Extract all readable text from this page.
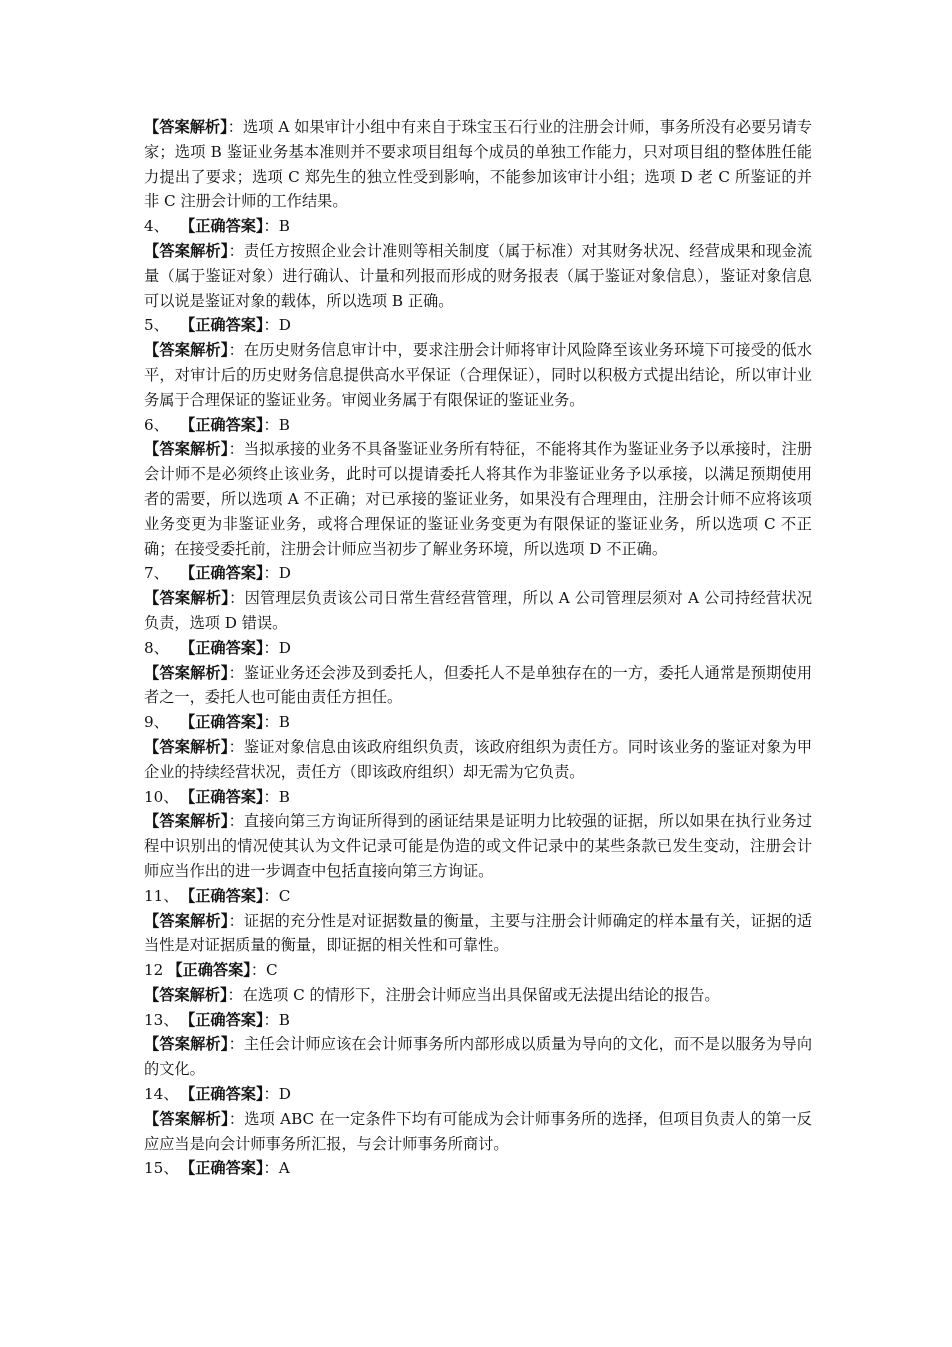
【答案解析】：选项 A 如果审计小组中有来自于珠宝玉石行业的注册会计师，事务所没有必要另请专家；选项 B 鉴证业务基本准则并不要求项目组每个成员的单独工作能力，只对项目组的整体胜任能力提出了要求；选项 C 郑先生的独立性受到影响，不能参加该审计小组；选项 D 老 C 所鉴证的并非 C 注册会计师的工作结果。

4、 【正确答案】：B

【答案解析】：责任方按照企业会计准则等相关制度（属于标准）对其财务状况、经营成果和现金流量（属于鉴证对象）进行确认、计量和列报而形成的财务报表（属于鉴证对象信息），鉴证对象信息可以说是鉴证对象的载体，所以选项 B 正确。

5、 【正确答案】：D

【答案解析】：在历史财务信息审计中，要求注册会计师将审计风险降至该业务环境下可接受的低水平，对审计后的历史财务信息提供高水平保证（合理保证），同时以积极方式提出结论，所以审计业务属于合理保证的鉴证业务。审阅业务属于有限保证的鉴证业务。

6、 【正确答案】：B

【答案解析】：当拟承接的业务不具备鉴证业务所有特征，不能将其作为鉴证业务予以承接时，注册会计师不是必须终止该业务，此时可以提请委托人将其作为非鉴证业务予以承接，以满足预期使用者的需要，所以选项 A 不正确；对已承接的鉴证业务，如果没有合理理由，注册会计师不应将该项业务变更为非鉴证业务，或将合理保证的鉴证业务变更为有限保证的鉴证业务，所以选项 C 不正确；在接受委托前，注册会计师应当初步了解业务环境，所以选项 D 不正确。

7、 【正确答案】：D

【答案解析】：因管理层负责该公司日常生营经营管理，所以 A 公司管理层须对 A 公司持经营状况负责，选项 D 错误。

8、 【正确答案】：D

【答案解析】：鉴证业务还会涉及到委托人，但委托人不是单独存在的一方，委托人通常是预期使用者之一，委托人也可能由责任方担任。

9、 【正确答案】：B

【答案解析】：鉴证对象信息由该政府组织负责，该政府组织为责任方。同时该业务的鉴证对象为甲企业的持续经营状况，责任方（即该政府组织）却无需为它负责。

10、【正确答案】：B

【答案解析】：直接向第三方询证所得到的函证结果是证明力比较强的证据，所以如果在执行业务过程中识别出的情况使其认为文件记录可能是伪造的或文件记录中的某些条款已发生变动，注册会计师应当作出的进一步调查中包括直接向第三方询证。

11、【正确答案】：C

【答案解析】：证据的充分性是对证据数量的衡量，主要与注册会计师确定的样本量有关，证据的适当性是对证据质量的衡量，即证据的相关性和可靠性。

12 【正确答案】：C

【答案解析】：在选项 C 的情形下，注册会计师应当出具保留或无法提出结论的报告。

13、【正确答案】：B

【答案解析】：主任会计师应该在会计师事务所内部形成以质量为导向的文化，而不是以服务为导向的文化。

14、【正确答案】：D

【答案解析】：选项 ABC 在一定条件下均有可能成为会计师事务所的选择，但项目负责人的第一反应应当是向会计师事务所汇报，与会计师事务所商讨。

15、【正确答案】：A
